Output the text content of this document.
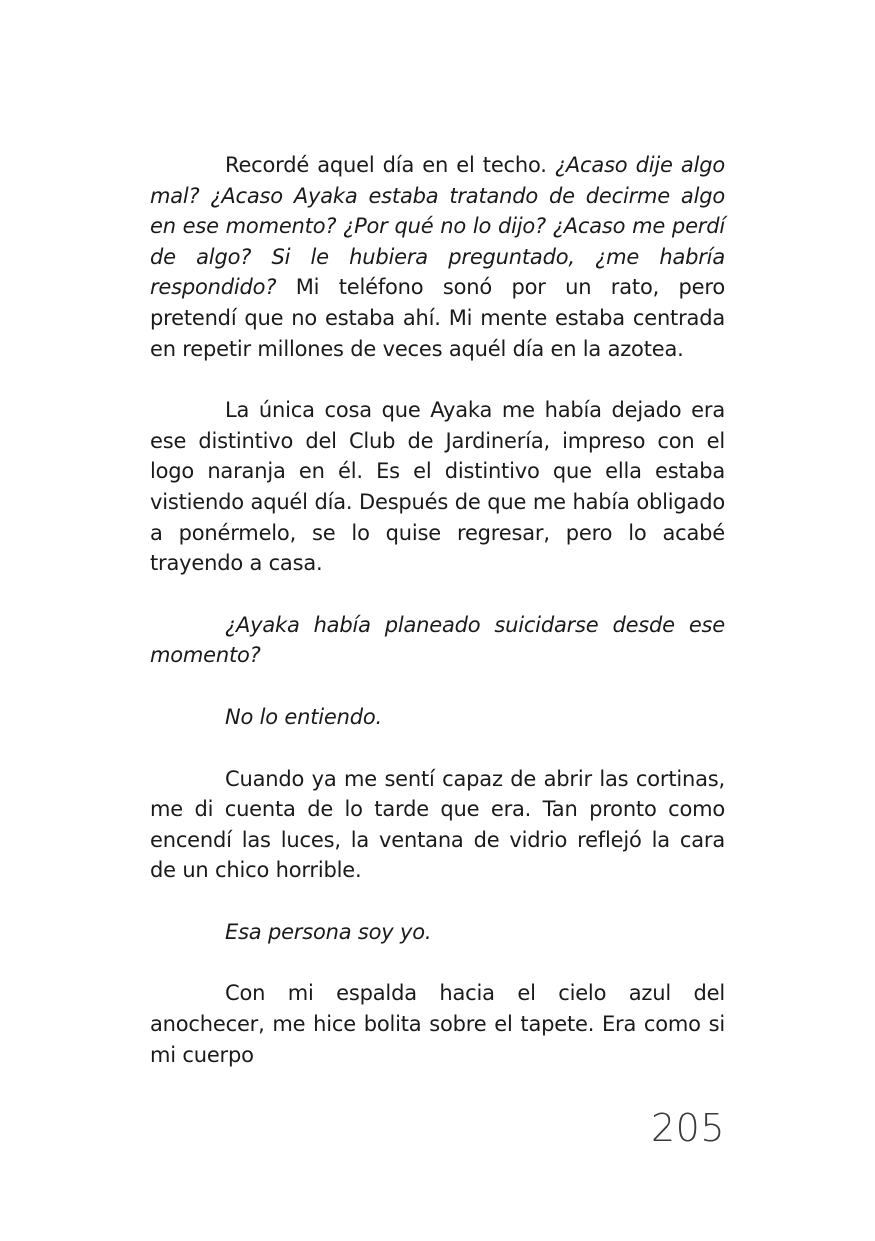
Recordé aquel día en el techo. ¿Acaso dije algo mal? ¿Acaso Ayaka estaba tratando de decirme algo en ese momento? ¿Por qué no lo dijo? ¿Acaso me perdí de algo? Si le hubiera preguntado, ¿me habría respondido? Mi teléfono sonó por un rato, pero pretendí que no estaba ahí. Mi mente estaba centrada en repetir millones de veces aquél día en la azotea.

La única cosa que Ayaka me había dejado era ese distintivo del Club de Jardinería, impreso con el logo naranja en él. Es el distintivo que ella estaba vistiendo aquél día. Después de que me había obligado a ponérmelo, se lo quise regresar, pero lo acabé trayendo a casa.

¿Ayaka había planeado suicidarse desde ese momento?

No lo entiendo.

Cuando ya me sentí capaz de abrir las cortinas, me di cuenta de lo tarde que era. Tan pronto como encendí las luces, la ventana de vidrio reflejó la cara de un chico horrible.

Esa persona soy yo.

Con mi espalda hacia el cielo azul del anochecer, me hice bolita sobre el tapete. Era como si mi cuerpo

205
